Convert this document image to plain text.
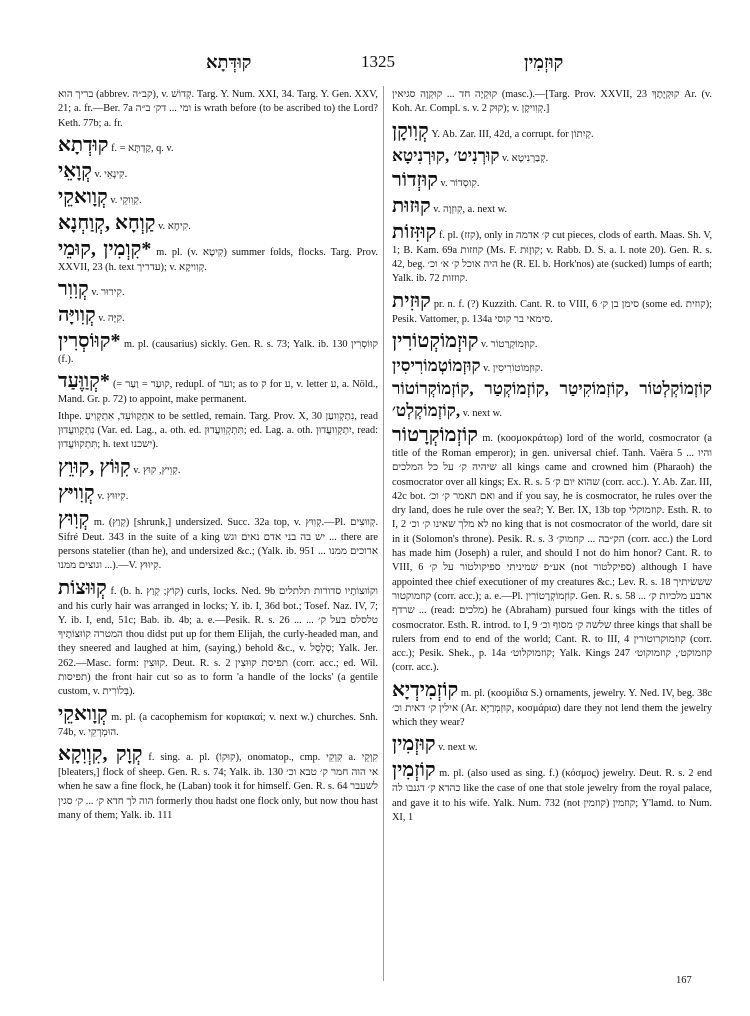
קוּדְּתָא	1325	קוּזְמִין
בריך הוא (abbrev. קב״ה), v. קְדוֹשׁ. Targ. Y. Num. XXI, 34. Targ. Y. Gen. XXV, 21; a. fr.—Ber. 7a ומי ... דק׳ ב״ה is wrath before (to be ascribed to) the Lord? Keth. 77b; a. fr.
קוּדְתָא f. = קַדְתָּא, q. v.
קְוָאֵי v. קִינָאֵי.
קְוָואקֵי v. קְוִוקֵי.
קַוְחָא ,קְוַחְנָא v. קִיחָא.
*קִוְמִין ,קוּמֵי m. pl. (v. קִיטָא) summer folds, flocks. Targ. Prov. XXVII, 23 (h. text עדריך); v. קְוִויקָא.
קְוִוִר v. קִירוּר.
קְוִויָּה v. קִיָּה.
*קוּוֹסְרִין m. pl. (causarius) sickly. Gen. R. s. 73; Yalk. ib. 130 קוּוֹסְרִין (f.).
*קְוַוֶּעַד (= קוּעַר = וַעַר, redupl. of וער; as to ק for ע, v. letter ע, a. Nöld., Mand. Gr. p. 72) to appoint, make permanent.
Ithpe. אִתְקַוּוֹעֵד, אִתְקְוִיעַ to be settled, remain. Targ. Prov. X, 30 נִתְקְוִועַן, read נִתְקְוִועֲדוּן (Var. ed. Lag., a. oth. ed. תִּתְקְוִועֲדוּן; ed. Lag. a. oth. יִתְקְוִועֲדוּן, read: תִּתְקוּוֹעֲדוּן; h. text ישכנו).
קִוּוֹץ ,קוּוֵץ v. קְוֵיץ, קוּץ.
קְוִויּץ v. קִיוּוּץ.
קְוִוּץ m. (קְוַץ) [shrunk,] undersized. Succ. 32a top, v. קְוִוּץ.—Pl. קְווּצִים. Sifré Deut. 343 in the suite of a king יש בה בני אדם נאים וגש ... there are persons statelier (than he), and undersized &c.; (Yalk. ib. 951 ... ארוכים ממנו ... וגוצים ממנו).—V. קִיוּוּץ.
קְוּוּצוֹת f. (b. h. קוֹץ; קְוַץ) curls, locks. Ned. 9b וקוֹוּצוֹתָיו סדורות תלתלים and his curly hair was arranged in locks; Y. ib. I, 36d bot.; Tosef. Naz. IV, 7; Y. ib. I, end, 51c; Bab. ib. 4b; a. e.—Pesik. R. s. 26 ... טלסלס בעל ק׳ ... המטרה קוֹוּצוֹתֶיךָ thou didst put up for them Elijah, the curly-headed man, and they sneered and laughed at him, (saying,) behold &c., v. סְלְסֵל; Yalk. Jer. 262.—Masc. form: קוּוּצִין. Deut. R. s. 2 תפיסת קוּוּצִין (corr. acc.; ed. Wil. תפיסות) the front hair cut so as to form 'a handle of the locks' (a gentile custom, v. בְּלוֹרִית).
קְוָואקֵי m. pl. (a cacophemism for κυριακαί; v. next w.) churches. Snh. 74b, v. הוּמְרְקֵי.
קְוָק ,קִוְוִקָא f. sing. a. pl. (קוּקוֹ), onomatop., cmp. קִוְקֵי a. קִוְקֵי [bleaters,] flock of sheep. Gen. R. s. 74; Yalk. ib. 130 אי הוה חמר ק׳ טבא וכ׳ when he saw a fine flock, he (Laban) took it for himself. Gen. R. s. 64 לשעבר הוה לך חדא ק׳ ... ק׳ סגין formerly thou hadst one flock only, but now thou hast many of them; Yalk. ib. 111
קוּקְיָה חד ... קוּקְוָה סגיאין (masc.).—[Targ. Prov. XXVII, 23 קוּקְיָתָךְ Ar. (v. Koh. Ar. Compl. s. v. קוּק 2); v. קְוִויקָן.]
קְוִוקָן Y. Ab. Zar. III, 42d, a corrupt. for קְיִתוֹן.
קוּרְנִיט׳ ,קוּרְנִיטָא v. קְבַרְנִיטָא.
קוּזְדוֹר v. קִוסְדוֹר.
קוּזוּת v. קִוזְוָה, a. next w.
קוּזִּזוֹת f. pl. (קזז), only in ק׳ אדמה cut pieces, clods of earth. Maas. Sh. V, 1; B. Kam. 69a קוזזות (Ms. F. קִוזָוּת; v. Rabb. D. S. a. l. note 20). Gen. R. s. 42, beg. היה אוכל ק׳ א׳ וכ׳ he (R. El. b. Hork'nos) ate (sucked) lumps of earth; Yalk. ib. 72 קוזזות.
קוּזִית pr. n. f. (?) Kuzzith. Cant. R. to VIII, 6 סימן בן ק׳ (some ed. קוזית); Pesik. Vattomer, p. 134a סימאי בר קוסי.
קוּזְמוֹקְטוֹרִין v. קוּזְמוֹקְרַטוֹר.
קוּזְמוֹטְמוֹרִיסִין v. קוּזְמוֹטוֹרִיסִין.
קוֹזְמוֹקְלְטוֹר ,קוֹזְמוֹקִיטַר ,קוֹזְמוֹקְטַר ,קוֹזְמוֹקְרוֹטוֹר ,קוֹזְמוֹקְלְט׳ v. next w.
קוֹזְמוֹקְרָטוֹר m. (κοσμοκράτωρ) lord of the world, cosmocrator (a title of the Roman emperor); in gen. universal chief. Tanh. Vaëra 5 והיו ... שיהיה ק׳ על כל המלכים all kings came and crowned him (Pharaoh) the cosmocrator over all kings; Ex. R. s. 5 שהוא יום ק׳ (corr. acc.). Y. Ab. Zar. III, 42c bot. ואם תאמר ק׳ וכ׳ and if you say, he is cosmocrator, he rules over the dry land, does he rule over the sea?; Y. Ber. IX, 13b top קוזמוקלי. Esth. R. to I, 2 לא מלך שאינו ק׳ וכ׳ no king that is not cosmocrator of the world, dare sit in it (Solomon's throne). Pesik. R. s. 3 הק״בה ... קוזמוק׳ (corr. acc.) the Lord has made him (Joseph) a ruler, and should I not do him honor? Cant. R. to VIII, 6 אע״פ שמיניתי ספיקולטור על ק׳ (not ספיקלטור) although I have appointed thee chief executioner of my creatures &c.; Lev. R. s. 18 שששׂיתיך קוזמוקטור (corr. acc.); a. e.—Pl. קוֹזְמוֹקְרָטוֹרִין. Gen. R. s. 58 ... ארבע מלכיות ק׳ ... שרדף (read: מלכים) he (Abraham) pursued four kings with the titles of cosmocrator. Esth. R. introd. to I, 9 שלשה ק׳ מסוף וכ׳ three kings that shall be rulers from end to end of the world; Cant. R. to III, 4 קוזמוקרוטורין (corr. acc.); Pesik. Shek., p. 14a קוזמוקלוט׳; Yalk. Kings 247 קוזמוקט׳, קוזמוקוט׳ (corr. acc.).
קוֹזְמִידְיָא m. pl. (κοσμίδια S.) ornaments, jewelry. Y. Ned. IV, beg. 38c אילין ק׳ דאית וכ׳ (Ar. קוּזְמְרַיָא, κοσμάρια) dare they not lend them the jewelry which they wear?
קוּזְמִין v. next w.
קוֹזְמִין m. pl. (also used as sing. f.) (κόσμος) jewelry. Deut. R. s. 2 end כהדא ק׳ דגנבו לה like the case of one that stole jewelry from the royal palace, and gave it to his wife. Yalk. Num. 732 (not קוזמין) קוזמין; Y'lamd. to Num. XI, 1
167
